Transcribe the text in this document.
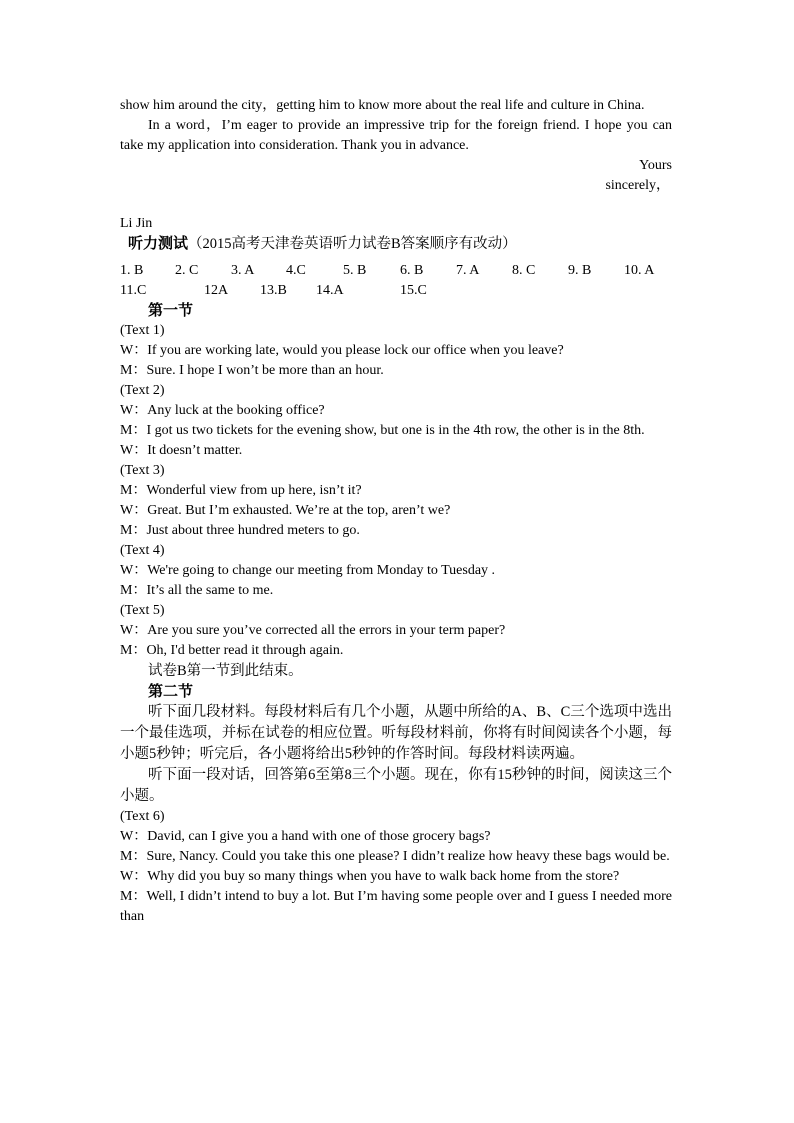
show him around the city，getting him to know more about the real life and culture in China.

In a word，I’m eager to provide an impressive trip for the foreign friend. I hope you can take my application into consideration. Thank you in advance.

Yours

sincerely，

Li Jin

听力测试（2015高考天津卷英语听力试卷B答案顺序有改动）

1. B	2. C	3. A	4.C	5. B	6. B	7. A	8. C	9. B	10. A
11.C	12A	13.B	14.A	15.C

第一节

(Text 1)

W：If you are working late, would you please lock our office when you leave?

M：Sure. I hope I won’t be more than an hour.

(Text 2)

W：Any luck at the booking office?

M：I got us two tickets for the evening show, but one is in the 4th row, the other is in the 8th.

W：It doesn’t matter.

(Text 3)

M：Wonderful view from up here, isn’t it?

W：Great. But I’m exhausted. We’re at the top, aren’t we?

M：Just about three hundred meters to go.

(Text 4)

W：We're going to change our meeting from Monday to Tuesday .

M：It’s all the same to me.

(Text 5)

W：Are you sure you’ve corrected all the errors in your term paper?

M：Oh, I'd better read it through again.

试卷B第一节到此结束。

第二节

听下面几段材料。每段材料后有几个小题，从题中所给的A、B、C三个选项中选出一个最佳选项，并标在试卷的相应位置。听每段材料前，你将有时间阅读各个小题，每小题5秒钟；听完后，各小题将给出5秒钟的作答时间。每段材料读两遍。

听下面一段对话，回答第6至第8三个小题。现在，你有15秒钟的时间，阅读这三个小题。

(Text 6)

W：David, can I give you a hand with one of those grocery bags?

M：Sure, Nancy. Could you take this one please? I didn’t realize how heavy these bags would be.

W：Why did you buy so many things when you have to walk back home from the store?

M：Well, I didn’t intend to buy a lot. But I’m having some people over and I guess I needed more than
